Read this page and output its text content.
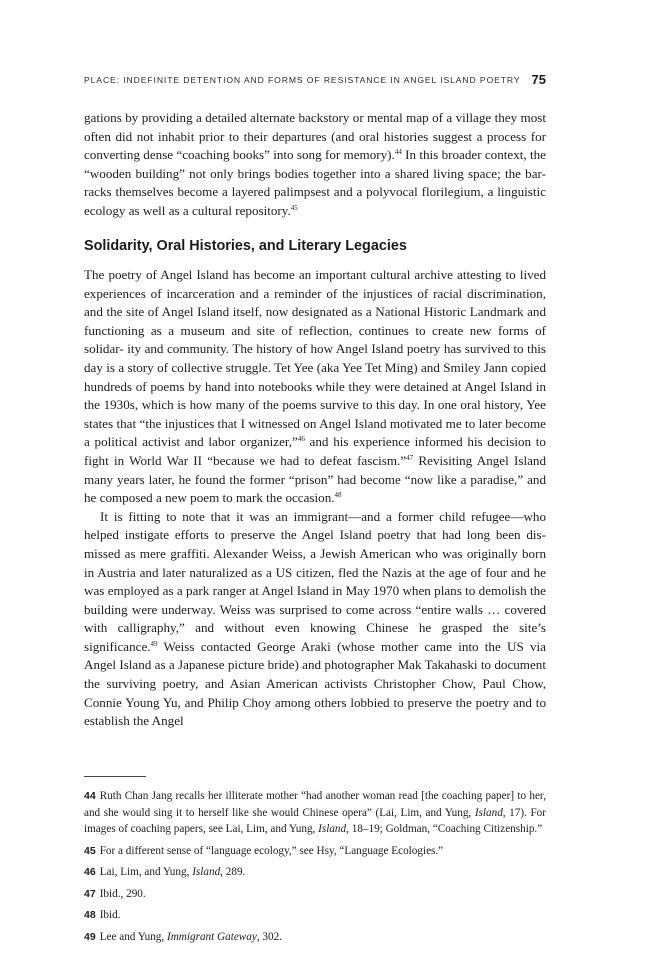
PLACE: INDEFINITE DETENTION AND FORMS OF RESISTANCE IN ANGEL ISLAND POETRY 75

gations by providing a detailed alternate backstory or mental map of a village they most often did not inhabit prior to their departures (and oral histories suggest a process for converting dense “coaching books” into song for memory).$^{44}$ In this broader context, the “wooden building” not only brings bodies together into a shared living space; the bar- racks themselves become a layered palimpsest and a polyvocal florilegium, a linguistic ecology as well as a cultural repository.$^{45}$

Solidarity, Oral Histories, and Literary Legacies

The poetry of Angel Island has become an important cultural archive attesting to lived experiences of incarceration and a reminder of the injustices of racial discrimination, and the site of Angel Island itself, now designated as a National Historic Landmark and functioning as a museum and site of reflection, continues to create new forms of solidar- ity and community. The history of how Angel Island poetry has survived to this day is a story of collective struggle. Tet Yee (aka Yee Tet Ming) and Smiley Jann copied hundreds of poems by hand into notebooks while they were detained at Angel Island in the 1930s, which is how many of the poems survive to this day. In one oral history, Yee states that “the injustices that I witnessed on Angel Island motivated me to later become a political activist and labor organizer,”$^{46}$ and his experience informed his decision to fight in World War II “because we had to defeat fascism.”$^{47}$ Revisiting Angel Island many years later, he found the former “prison” had become “now like a paradise,” and he composed a new poem to mark the occasion.$^{48}$

It is fitting to note that it was an immigrant—and a former child refugee—who helped instigate efforts to preserve the Angel Island poetry that had long been dis- missed as mere graffiti. Alexander Weiss, a Jewish American who was originally born in Austria and later naturalized as a US citizen, fled the Nazis at the age of four and he was employed as a park ranger at Angel Island in May 1970 when plans to demolish the building were underway. Weiss was surprised to come across “entire walls … covered with calligraphy,” and without even knowing Chinese he grasped the site’s significance.$^{49}$ Weiss contacted George Araki (whose mother came into the US via Angel Island as a Japanese picture bride) and photographer Mak Takahaski to document the surviving poetry, and Asian American activists Christopher Chow, Paul Chow, Connie Young Yu, and Philip Choy among others lobbied to preserve the poetry and to establish the Angel

44 Ruth Chan Jang recalls her illiterate mother “had another woman read [the coaching paper] to her, and she would sing it to herself like she would Chinese opera” (Lai, Lim, and Yung, Island, 17). For images of coaching papers, see Lai, Lim, and Yung, Island, 18–19; Goldman, “Coaching Citizenship.”

45 For a different sense of “language ecology,” see Hsy, “Language Ecologies.”

46 Lai, Lim, and Yung, Island, 289.

47 Ibid., 290.

48 Ibid.

49 Lee and Yung, Immigrant Gateway, 302.
